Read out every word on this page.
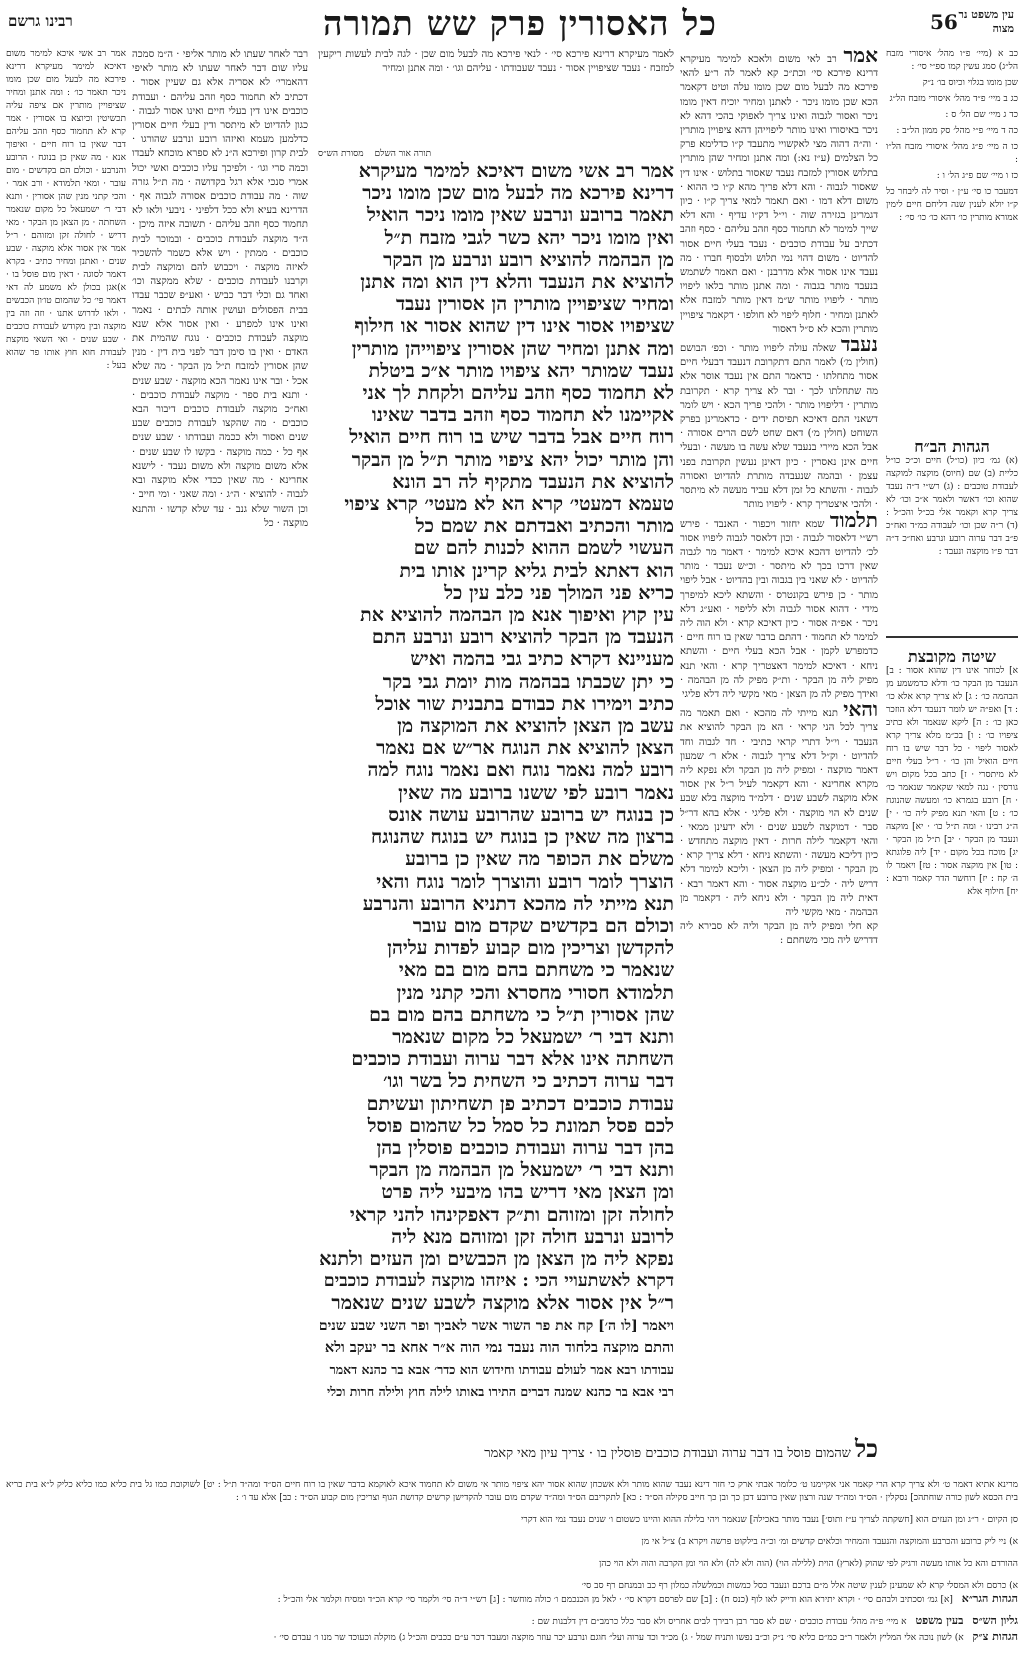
רבינו גרשם	כל האסורין פרק שש תמורה	56 עין משפט נר מצוה

אמר רב אשי איכא למימר משום דאיכא למימר מעיקרא דרינא פירכא מה לבעל מום שכן מומו ניכר תאמר כו׳ : ומה אתנן ומחיר שציפויין מותרין אם ציפה עליה תכשיטין וכיוצא בו אסורין · אמר קרא לא תחמוד כסף וזהב עליהם דבר שאין בו רוח חיים · ואיפוך אנא · מה שאין כן בנוגח · הרובע והנרבע · וכולם הם בקדשים · מום עובר · ומאי תלמודא · ורב אמר · והכי קתני מנין שהן אסורין · ותנא דבי ר׳ ישמעאל כל מקום שנאמר השחתה · מן הצאן מן הבקר · מאי דריש · לחולה זקן ומזוהם · ר״ל אמר אין אסור אלא מוקצה · שבע שנים · ואתנן ומחיר כתיב · בקרא דאמר לסוגה · דאין מום פוסל בו · א)אגן בכולן לא משמע לה דאי דאמר פי׳ כל שהמום טו׳ון הכבשים · ולאו לדרוש אתנו · וזה וזה בין מוקצה ובין מקודש לעבודת כוכבים · שבע שנים · ואי השאי מוקצת לעבודת חוא חוץ אותו פר שהוא בעל :

רבר לאחר שעתו לא מותר אליפי · ה״מ סמכה עליו שום דבר לאחר שעתו לא מותר לאיפי דהאמרי׳ לא אסריה אלא גם שעיין אסור · דכתיב לא תחמוד כסף וזהב עליהם · ועבודת כוכבים אינו דין בעלי חיים ואינו אסור לגבוה · כגון להדיוט לא מיתסר ודין בעלי חיים אסורין כדלמען מעמא ואיזהו רובע ונרבע שהורגו · לבית קרון ופירכא ה״נ לא ספרא מוכחא לעבדו וכמה סרי וגו׳ · ולפיכך עליו כוכבים ואשי יכול אמרי סנכי אלא רגל בקדושה · מה ת״ל גזרה שוה · מה עבודת כוכבים אסורה לגבוה אף · הדרינא בעיא ולא ככל דלפיני · ניבעי ולאו לא תחמוד כסף וזהב עליהם · תשובה איזה מיכן · ה״ד מוקצה לעבודת כוכבים · ובמוכר לבית כוכבים · ממתין · ויש אלא כשמר להשכיר לאיזה מוקצה · ויכבוש להם ומוקצה לבית וקרבנו לעבודת כוכבים · שלא ממקצה וכו׳ ואחד גם וכלי דבר כביש · ואע״פ שכבר עבדו בבית הפסולים ועושין אותה לבתים · נאמר ואינו אינו למפרע · ואין אסור אלא שנא מוקצה לעבודת כוכבים · נוגח שהמית את האדם · ואין בו סימן דבר לפני בית דין · מנין שהן אסורין למזבח ת״ל מן הבקר · מה שלא אכל · ובר אינו נאמר הכא מוקצה · שבע שנים · ותנא בית ספר · מוקצה לעבודת כוכבים · ואח״כ מוקצה לעבודת כוכבים דיבור הבא כוכבים · מה שהקצו לעבודת כוכבים שבע שנים ואסור ולא ככמה ועבודתו · שבע שנים אף כל · כמה מוקצה · בקשו לו שבע שנים · אלא משום מוקצה ולא משום נעבד · לישנא אחרינא · מה שאין ככדי אלא מוקצה ובא לגבוה · להוציא · ה״ג · ומה שאני · ומי חייב · וכן השור שלא גנב · עד שלא קדשו · והתנא מוקצה · כל

לאמר מעיקרא דרינא פירכא סי׳ · לנאי פירכא מה לבעל מום שכן · לגה לבית לעשות ריקעין למזבח · נעבד שציפויין אסור · נעבד שעבודתו · עליהם וגו׳ · ומה אתנן ומחיר

תורה אור השלם מסורת הש״ס
אמר רב אשי משום דאיכא למימר מעיקרא
דרינא פירכא מה לבעל מום שכן מומו ניכר
תאמר ברובע ונרבע שאין מומו ניכר הואיל
ואין מומו ניכר יהא כשר לגבי מזבח ת״ל
מן הבהמה להוציא רובע ונרבע מן הבקר
להוציא את הנעבד והלא דין הוא ומה אתנן
ומחיר שציפויין מותרין הן אסורין נעבד
שציפויו אסור אינו דין שהוא אסור או חילוף
ומה אתנן ומחיר שהן אסורין ציפוייהן מותרין
נעבד שמותר יהא ציפויו מותר א״כ ביטלת
לא תחמוד כסף וזהב עליהם ולקחת לך אני
אקיימנו לא תחמוד כסף וזהב בדבר שאינו
רוח חיים אבל בדבר שיש בו רוח חיים הואיל
והן מותר יכול יהא ציפוי מותר ת״ל מן הבקר
להוציא את הנעבד מתקיף לה רב הונא
טעמא דמעטי׳ קרא הא לא מעטי׳ קרא ציפוי
מותר והכתיב ואבדתם את שמם כל
העשוי לשמם ההוא לכנות להם שם
הוא דאתא לבית גליא קרינן אותו בית
כריא פני המולך פני כלב עין כל
עין קוץ ואיפוך אנא מן הבהמה להוציא את
הנעבד מן הבקר להוציא רובע ונרבע התם
מעניינא דקרא כתיב גבי בהמה ואיש
כי יתן שכבתו בבהמה מות יומת גבי בקר
כתיב וימירו את כבודם בתבנית שור אוכל
עשב מן הצאן להוציא את המוקצה מן
הצאן להוציא את הנוגח אר״ש אם נאמר
רובע למה נאמר נוגח ואם נאמר נוגח למה
נאמר רובע לפי ששנו ברובע מה שאין
כן בנוגח יש ברובע שהרובע עושה אונס
ברצון מה שאין כן בנוגח יש בנוגח שהנוגח
משלם את הכופר מה שאין כן ברובע
הוצרך לומר רובע והוצרך לומר נוגח והאי
תנא מייתי לה מהכא דתניא הרובע והנרבע
וכולם הם בקדשים שקדם מום עובר
להקדשן וצריכין מום קבוע לפדות עליהן
שנאמר כי משחתם בהם מום בם מאי
תלמודא חסורי מחסרא והכי קתני מנין
שהן אסורין ת״ל כי משחתם בהם מום בם
ותנא דבי ר׳ ישמעאל כל מקום שנאמר
השחתה אינו אלא דבר ערוה ועבודת כוכבים
דבר ערוה דכתיב כי השחית כל בשר וגו׳
עבודת כוכבים דכתיב פן תשחיתון ועשיתם
לכם פסל תמונת כל סמל כל שהמום פוסל
בהן דבר ערוה ועבודת כוכבים פוסלין בהן
ותנא דבי ר׳ ישמעאל מן הבהמה מן הבקר
ומן הצאן מאי דריש בהו מיבעי ליה פרט
לחולה זקן ומזוהם ות״ק דאפקינהו להני קראי
לרובע ונרבע חולה זקן ומזוהם מנא ליה
נפקא ליה מן הצאן מן הכבשים ומן העזים ולתנא
דקרא לאשתעויי הכי : איזהו מוקצה לעבודת כוכבים
ר״ל אין אסור אלא מוקצה לשבע שנים שנאמר
ויאמר [לו ה׳] קח את פר השור אשר לאביך ופר השני שבע שנים
והתם מוקצה בלחוד הוה נעבד נמי הוה א״ר אחא בר יעקב ולא
עבודתו רבא אמר לעולם עבודתו וחידוש הוא כדר׳ אבא בר כהנא דאמר
רבי אבא בר כהנא שמנה דברים התירו באותו לילה חוץ ולילה חרות וכלי

אמר רב לאי משום ולאכא למימר מעיקרא דרינא פירכא סי׳ וכת״כ קא לאמר לה ר״ע להאי פירכא מה לבעל מום שכן מומו עלה וטיט דקאמר הכא שכן מומו ניכר · לאתנן ומחיר יוכיח דאין מומו ניכר ואסור לגבוה ואינו צריך לאפוקי בהכי דהא לא ניכר באיסורו ואינו מותר ליפוייהן דהא ציפויין מותרין · וה״ה דהוה מצי לאקשויי מתעבד ק״ו כדלימא פרק כל הצלמים (ע״ז נא:) ומה אתנן ומחיר שהן מותרין בתלוש אסורין למזבח נעבד שאסור בתלוש · אינו דין שאסור לגבוה · והא דלא פריך מהא ק״ו כי ההוא · משום דלא דמו · ואם תאמר למאי צריך ק״ו · כיון דגמרינן בגזירה שוה · וי״ל דק״ו עדיף · והא דלא שייך למימר לא תחמוד כסף וזהב עליהם · כסף וזהב דכתיב על עבודת כוכבים · נעבד בעלי חיים אסור להדיוט · משום דהוי נמי תלוש ולבסוף חברו · מה נעבד אינו אסור אלא מדרבנן · ואם תאמר לשתמש בנעבד מותר בגבוה · ומה אתנן מותר בלאו ליפויו מותר · ליפויו מותר ש״מ דאין מותר למזבח אלא לאתנן ומחיר · חלוף ליפוי לא חולפו · דקאמר ציפויין מותרין והכא לא ס״ל דאסור

נעבד שאלה עולה ליפויו מותר · וכפ׳ הבושם (חולין מ׳) לאמר התם דתקרובת דנעבד דבעלי חיים אסור מתחלתו · כדאמר התם אין נעבד אוסר אלא מה שתחלתו לכך · ובר לא צריך קרא · תקרובת מותרין · דליפויו מותר · ולהכי פריך הכא · ויש לומר דשאני התם דאיכא תפיסת ידים · כדאמרינן בפרק השוחט (חולין מ׳) דאם שחט לשם הרים אסורה · אבל הכא מיירי בנעבד שלא עשה בו מעשה · ובעלי חיים אינן נאסרין · כיון דאינן נעשין תקרובת בפני עצמן · ובהמה שנעבדה מותרת להדיוט ואסורה לגבוה · והשתא כל זמן דלא עביד מעשה לא מיתסר · ולהכי איצטריך קרא · ליפויו מותר

תלמוד שמא יחזור ויכפור · האנבד · פירש רש״י דלאסור לגבוה · וכון דלאסר לגבוה ליפויו אסור לכ׳ להדיוט דהכא איכא למימר · דאמר מר לגבוה שאין דרכו בכך לא מיתסר · וכ״ש נעבד · מותר להדיוט · לא שאני בין בגבוה ובין בהדיוט · אבל ליפוי מותר · כן פירש בקונטרס · והשתא ליכא למיפרך מידי · דהוא אסור לגבוה ולא לליפוי · ואע״ג דלא ניכר · אפ״ה אסור · כיון דאיכא קרא · ולא הוה ליה למימר לא תחמוד · דהתם בדבר שאין בו רוח חיים · כדמפרש לקמן · אבל הכא בעלי חיים · והשתא ניחא · דאיכא למימר דאצטריך קרא · והאי תנא מפיק ליה מן הבקר · ות״ק מפיק לה מן הבהמה · ואידך מפיק לה מן הצאן · מאי מקשי ליה דלא פליגי

והאי תנא מייתי לה מהכא · ואם תאמר מה צריך לכל הני קראי · הא מן הבקר להוציא את הנעבד · וי״ל דתרי קראי כתיבי · חד לגבוה וחד להדיוט · וק״ל דלא צריך לגבוה · אלא ר׳ שמעון דאמר מוקצה · ומפיק ליה מן הבקר ולא נפקא ליה מקרא אחרינא · והא דקאמר לעיל ר״ל אין אסור אלא מוקצה לשבע שנים · דלמ״ד מוקצה בלא שבע שנים לא הוי מוקצה · ולא פליגי · אלא בהא דר״ל סבר · דמוקצה לשבע שנים · ולא ידעינן ממאי · והאי דקאמר לילה חרות · דאין מוקצה מתחדש · כיון דליכא מעשה · והשתא ניחא · דלא צריך קרא · מן הבקר · ומפיק ליה מן הצאן · וליכא למימר דלא דריש ליה · לכ״ע מוקצה אסור · והא דאמר רבא · דאית ליה מן הבקר · ולא ניחא ליה · דקאמר מן הבהמה · מאי מקשי ליה

קא חלי ומפיק ליה מן הבקר וליה לא סבירא ליה דדריש ליה מכי משחתם :

כב א (מיי׳ פ״ו מהל׳ איסורי מזבח הל״ג) סמג עשין קמו ספ״י סי׳ :

שכן מומו בגלוי וכיוס בו׳ נ״ק

כג ב מיי׳ פ״ד מהל׳ איסורי מזבח הל״ג

כד ג מיי׳ שם הל׳ ס :

כה ד מיי׳ פ״י מהל׳ סק ממון הל״ב :

כו ה מיי׳ פ״ג מהל׳ איסורי מזבח הל״ו :

כז ו מיי׳ שם פ״ג הל׳ ו :

דמעבר כו סי׳ ע״ן · וסיר לה ליבחר כל ק״ו יולא לענין שנה דליחם חיים לימין אמורא מותרין כו׳ דהא כו׳ כו׳ סי׳ :

הגהות הב״ח

(א) גמ׳ כיון (כו״ל) חיים וכ״כ כו״ל כליית (ב) שם (חיוס) מוקצה למוקצה לעבודת טוכבים : (ג) רש״י ד״ה נעבד שהוא וכו׳ דאשר ולאמר א״כ וכו׳ לא צריך קרא וקאמר אלי בכ״ל והכ״ל : (ד) ר״ה שכן וכו׳ לעבודה כמ״ד ואח״כ פ״ב דבר ערוה רובע ונרבע ואח״כ ד״ה דבר פ״ו מוקצה ונעבד :

שיטה מקובצת

א] לכוחר אינו דין שהוא אסור : ב] הנעבד מן הבקר כו׳ ודלא כדמשמע מן הבהמה כו׳ : ג] לא צריך קרא אלא כו׳ : ד] ואפ״ה יש לומר דנעבד דלא הוזכר כאן כו׳ : ה] ליקא שנאמר ולא כתיב ציפויו כו׳ : ו] בכ״מ מלא צריך קרא לאסור ליפוי · כל דבר שיש בו רוח חיים הואיל והן כו׳ · ר״ל בעלי חיים לא מיתסרי · ז] כתב בכל מקום ויש גורסין · נגה למאי שקאמר שנאמר כו׳ · ח] רובע בגמרא כו׳ ומעשה שהנוגח כו׳ : ט] והאי תנא מפיק ליה כו׳ · י] ה״ג רבינו · ומה ת״ל כו׳ · יא] מוקצה ונעבד מן הבקר · יב] ת״ל מן הבקר · יג] מוכח בכל מקום · יד] ליה פלוגתא : טו] אין מוקצה אסור : טז] ויאמר לו ה׳ קח : יז] רוחשר הדר קאמר ורבא : יח] חילוף אלא

כל שהמום פוסל בו דבר ערוה ועבודת כוכבים פוסלין בו · צריך עיון מאי קאמר

מרינא אתיא דאמר ט׳ ולא צריך קרא הרי קאמר אני אקיימנו ט׳ כלומר אבתי ארק כי חזר דינא נעבד שהוא מותר ולא אשכחן שהוא אסור יהא ציפוי מותר אי משום לא תחמוד איכא לאוקמא בדבר שאין בו רוח חיים הס״ד ומה״ד ת״ל : יט] לשוקובת כמו גל בית כליא כמו כליא כליק ל״א בית כריא בית הכסא לשון כורה שוחתהכ] נסקלין · הס״ד ומה״ד שנה ורצון שאין ברובע דכן כך ובן כך חייב סקילה הס״ד : כא] לתקריבם הס״ד ומה״ד שקדם מום עובר להקדישן קרשים קדושת הגוף וצריכין מום קבוע הס״ד : כב] אלא עד ו׳ :

סן הקיום · ר״ג ומן העזים הוא [חשקתה לצריך ע״ז ותוס׳] נעבד מותר באכילה] שנאמר ויהי בלילה ההוא והיינו כשטום ו׳ שנים נעבד נמי הוא דקרי

א) ניי ליק כרובע והכרבע והמוקצה והנעבד והמחיר וכלאים קדשים ומ׳ וכ״ה בילקוט פרשה ויקרא ב) צ״ל אי מן

ההורדם והא כל אותו מעשה ורגיק לפי שהוק (לארץ) הוית (ללילה הוי) (הוה ולא לה) ולא הוי ומן הקרבה והוה ולא הוי כהן

א) כרסם ולא המסלי קרא לא שמעינן לענין שיטה אלל מ״ם ברכם ונעבד כסל כמשות וכמלשלה כמלון רף כב ובמנחם רף סב סי׳

הגהות הגר״א [א] גמ׳ וסכתיב ולבהם סי׳ · וקרא יתירא הוא ודייק לאו לוף (כנס ח) : [ב] שם לפרסם דקרא סי׳ · לאל מן הכנכמם ו׳ כולה מוחשר : [ג] רש״י ד״ה סי׳ ולקמר סי׳ קרא הכ״ד ומסיח וקלמר אלי והכ״ל :
גליון הש״ס בעין משפט א מיי׳ פ״ה מהל׳ עבודת כוכבים · שם לא סבר רבן רבירך לבים אחריס ולא סבר כלל כרמב״ם דין דלבנות שם :
הגהות צ״ק א) לשון נוכה אלי המליץ ולאמר ר״ב כמ״ם כליא סי׳ נ״ק וכ״ב נפשו ותניח שמל · ג) מכ״ד וכד ערוה ועל״ חוגם ונרבע יכר עוזר מוקצה ומעבד דכר ע״ם ככבים והכ״ל ג) מוקלה וכעוכד שר מנו ו׳ עבדם סי׳ ·
